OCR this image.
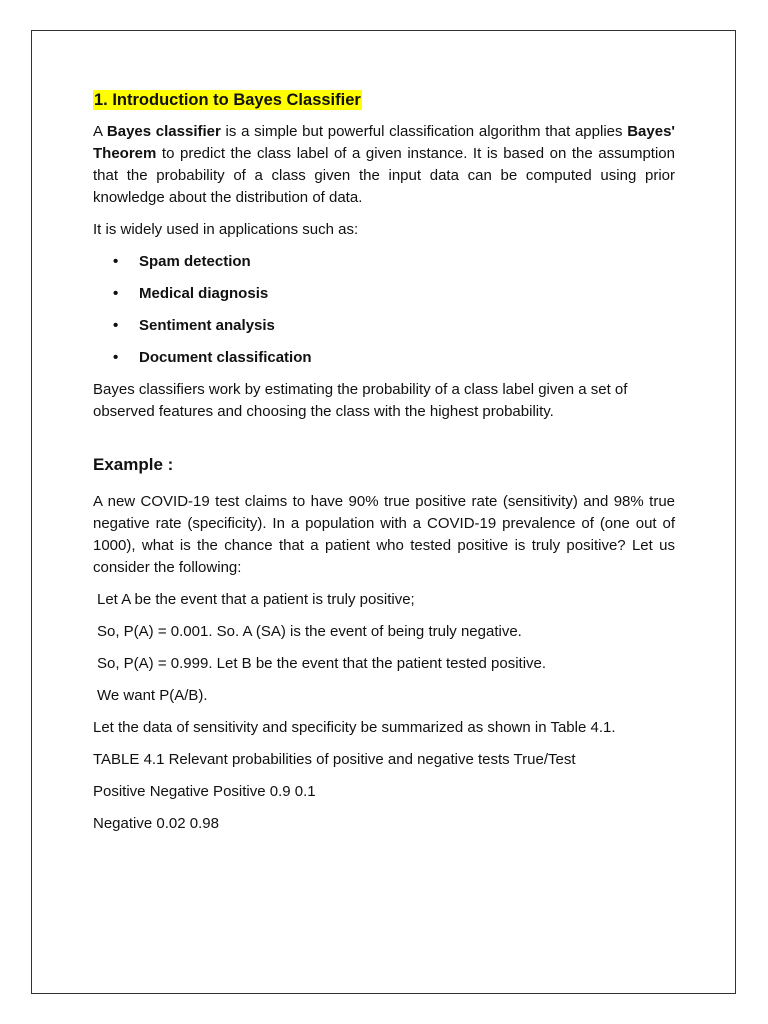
1. Introduction to Bayes Classifier

A Bayes classifier is a simple but powerful classification algorithm that applies Bayes' Theorem to predict the class label of a given instance. It is based on the assumption that the probability of a class given the input data can be computed using prior knowledge about the distribution of data.

It is widely used in applications such as:

• Spam detection
• Medical diagnosis
• Sentiment analysis
• Document classification

Bayes classifiers work by estimating the probability of a class label given a set of observed features and choosing the class with the highest probability.

Example :

A new COVID-19 test claims to have 90% true positive rate (sensitivity) and 98% true negative rate (specificity). In a population with a COVID-19 prevalence of (one out of 1000), what is the chance that a patient who tested positive is truly positive? Let us consider the following:

Let A be the event that a patient is truly positive;

So, P(A) = 0.001. So. A (SA) is the event of being truly negative.

So, P(A) = 0.999. Let B be the event that the patient tested positive.

We want P(A/B).

Let the data of sensitivity and specificity be summarized as shown in Table 4.1.

TABLE 4.1 Relevant probabilities of positive and negative tests True/Test

Positive Negative Positive 0.9 0.1

Negative 0.02 0.98
